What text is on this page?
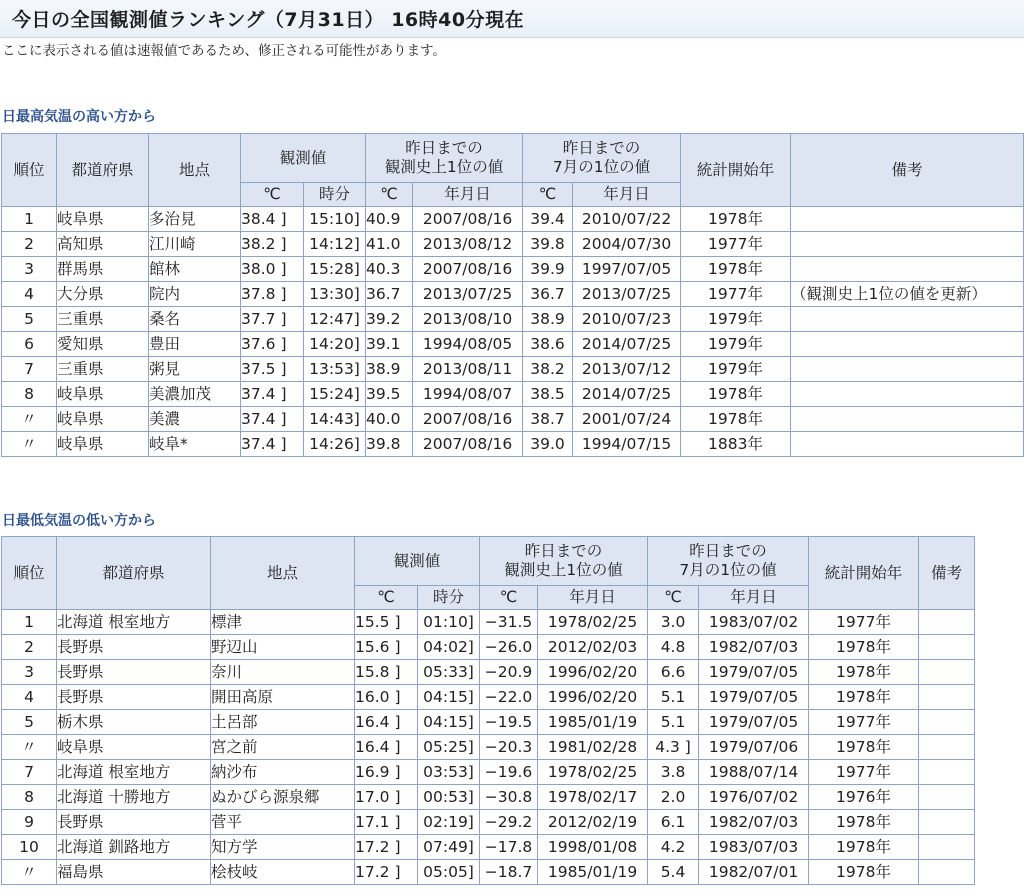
今日の全国観測値ランキング（7月31日） 16時40分現在
ここに表示される値は速報値であるため、修正される可能性があります。
日最高気温の高い方から
順位	都道府県	地点	観測値		昨日までの
観測史上1位の値		昨日までの
7月の1位の値		統計開始年	備考
			℃	時分	℃	年月日	℃	年月日		
1	岐阜県	多治見	38.4 ]	15:10]	40.9	2007/08/16	39.4	2010/07/22	1978年	
2	高知県	江川崎	38.2 ]	14:12]	41.0	2013/08/12	39.8	2004/07/30	1977年	
3	群馬県	館林	38.0 ]	15:28]	40.3	2007/08/16	39.9	1997/07/05	1978年	
4	大分県	院内	37.8 ]	13:30]	36.7	2013/07/25	36.7	2013/07/25	1977年	（観測史上1位の値を更新）
5	三重県	桑名	37.7 ]	12:47]	39.2	2013/08/10	38.9	2010/07/23	1979年	
6	愛知県	豊田	37.6 ]	14:20]	39.1	1994/08/05	38.6	2014/07/25	1979年	
7	三重県	粥見	37.5 ]	13:53]	38.9	2013/08/11	38.2	2013/07/12	1979年	
8	岐阜県	美濃加茂	37.4 ]	15:24]	39.5	1994/08/07	38.5	2014/07/25	1978年	
〃	岐阜県	美濃	37.4 ]	14:43]	40.0	2007/08/16	38.7	2001/07/24	1978年	
〃	岐阜県	岐阜*	37.4 ]	14:26]	39.8	2007/08/16	39.0	1994/07/15	1883年	
日最低気温の低い方から
順位	都道府県	地点	観測値		昨日までの
観測史上1位の値		昨日までの
7月の1位の値		統計開始年	備考
			℃	時分	℃	年月日	℃	年月日		
1	北海道 根室地方	標津	15.5 ]	01:10]	−31.5	1978/02/25	3.0	1983/07/02	1977年	
2	長野県	野辺山	15.6 ]	04:02]	−26.0	2012/02/03	4.8	1982/07/03	1978年	
3	長野県	奈川	15.8 ]	05:33]	−20.9	1996/02/20	6.6	1979/07/05	1978年	
4	長野県	開田高原	16.0 ]	04:15]	−22.0	1996/02/20	5.1	1979/07/05	1978年	
5	栃木県	土呂部	16.4 ]	04:15]	−19.5	1985/01/19	5.1	1979/07/05	1977年	
〃	岐阜県	宮之前	16.4 ]	05:25]	−20.3	1981/02/28	4.3 ]	1979/07/06	1978年	
7	北海道 根室地方	納沙布	16.9 ]	03:53]	−19.6	1978/02/25	3.8	1988/07/14	1977年	
8	北海道 十勝地方	ぬかびら源泉郷	17.0 ]	00:53]	−30.8	1978/02/17	2.0	1976/07/02	1976年	
9	長野県	菅平	17.1 ]	02:19]	−29.2	2012/02/19	6.1	1982/07/03	1978年	
10	北海道 釧路地方	知方学	17.2 ]	07:49]	−17.8	1998/01/08	4.2	1983/07/03	1978年	
〃	福島県	桧枝岐	17.2 ]	05:05]	−18.7	1985/01/19	5.4	1982/07/01	1978年	
